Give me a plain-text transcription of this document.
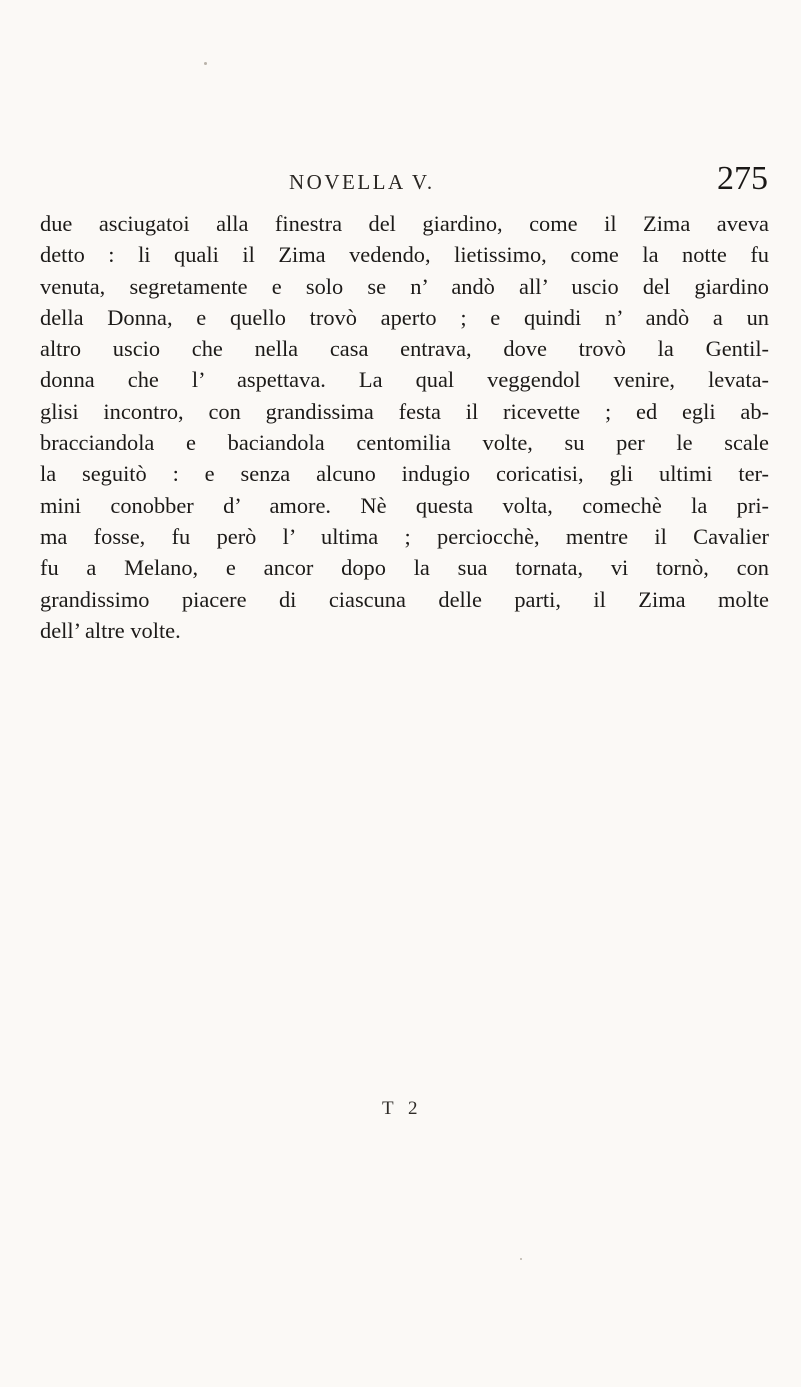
NOVELLA V.	275
due asciugatoi alla finestra del giardino, come il Zima aveva
detto : li quali il Zima vedendo, lietissimo, come la notte fu
venuta, segretamente e solo se n’ andò all’ uscio del giardino
della Donna, e quello trovò aperto ; e quindi n’ andò a un
altro uscio che nella casa entrava, dove trovò la Gentil-
donna che l’ aspettava. La qual veggendol venire, levata-
glisi incontro, con grandissima festa il ricevette ; ed egli ab-
bracciandola e baciandola centomilia volte, su per le scale
la seguitò : e senza alcuno indugio coricatisi, gli ultimi ter-
mini conobber d’ amore. Nè questa volta, comechè la pri-
ma fosse, fu però l’ ultima ; perciocchè, mentre il Cavalier
fu a Melano, e ancor dopo la sua tornata, vi tornò, con
grandissimo piacere di ciascuna delle parti, il Zima molte
dell’ altre volte.
T 2
